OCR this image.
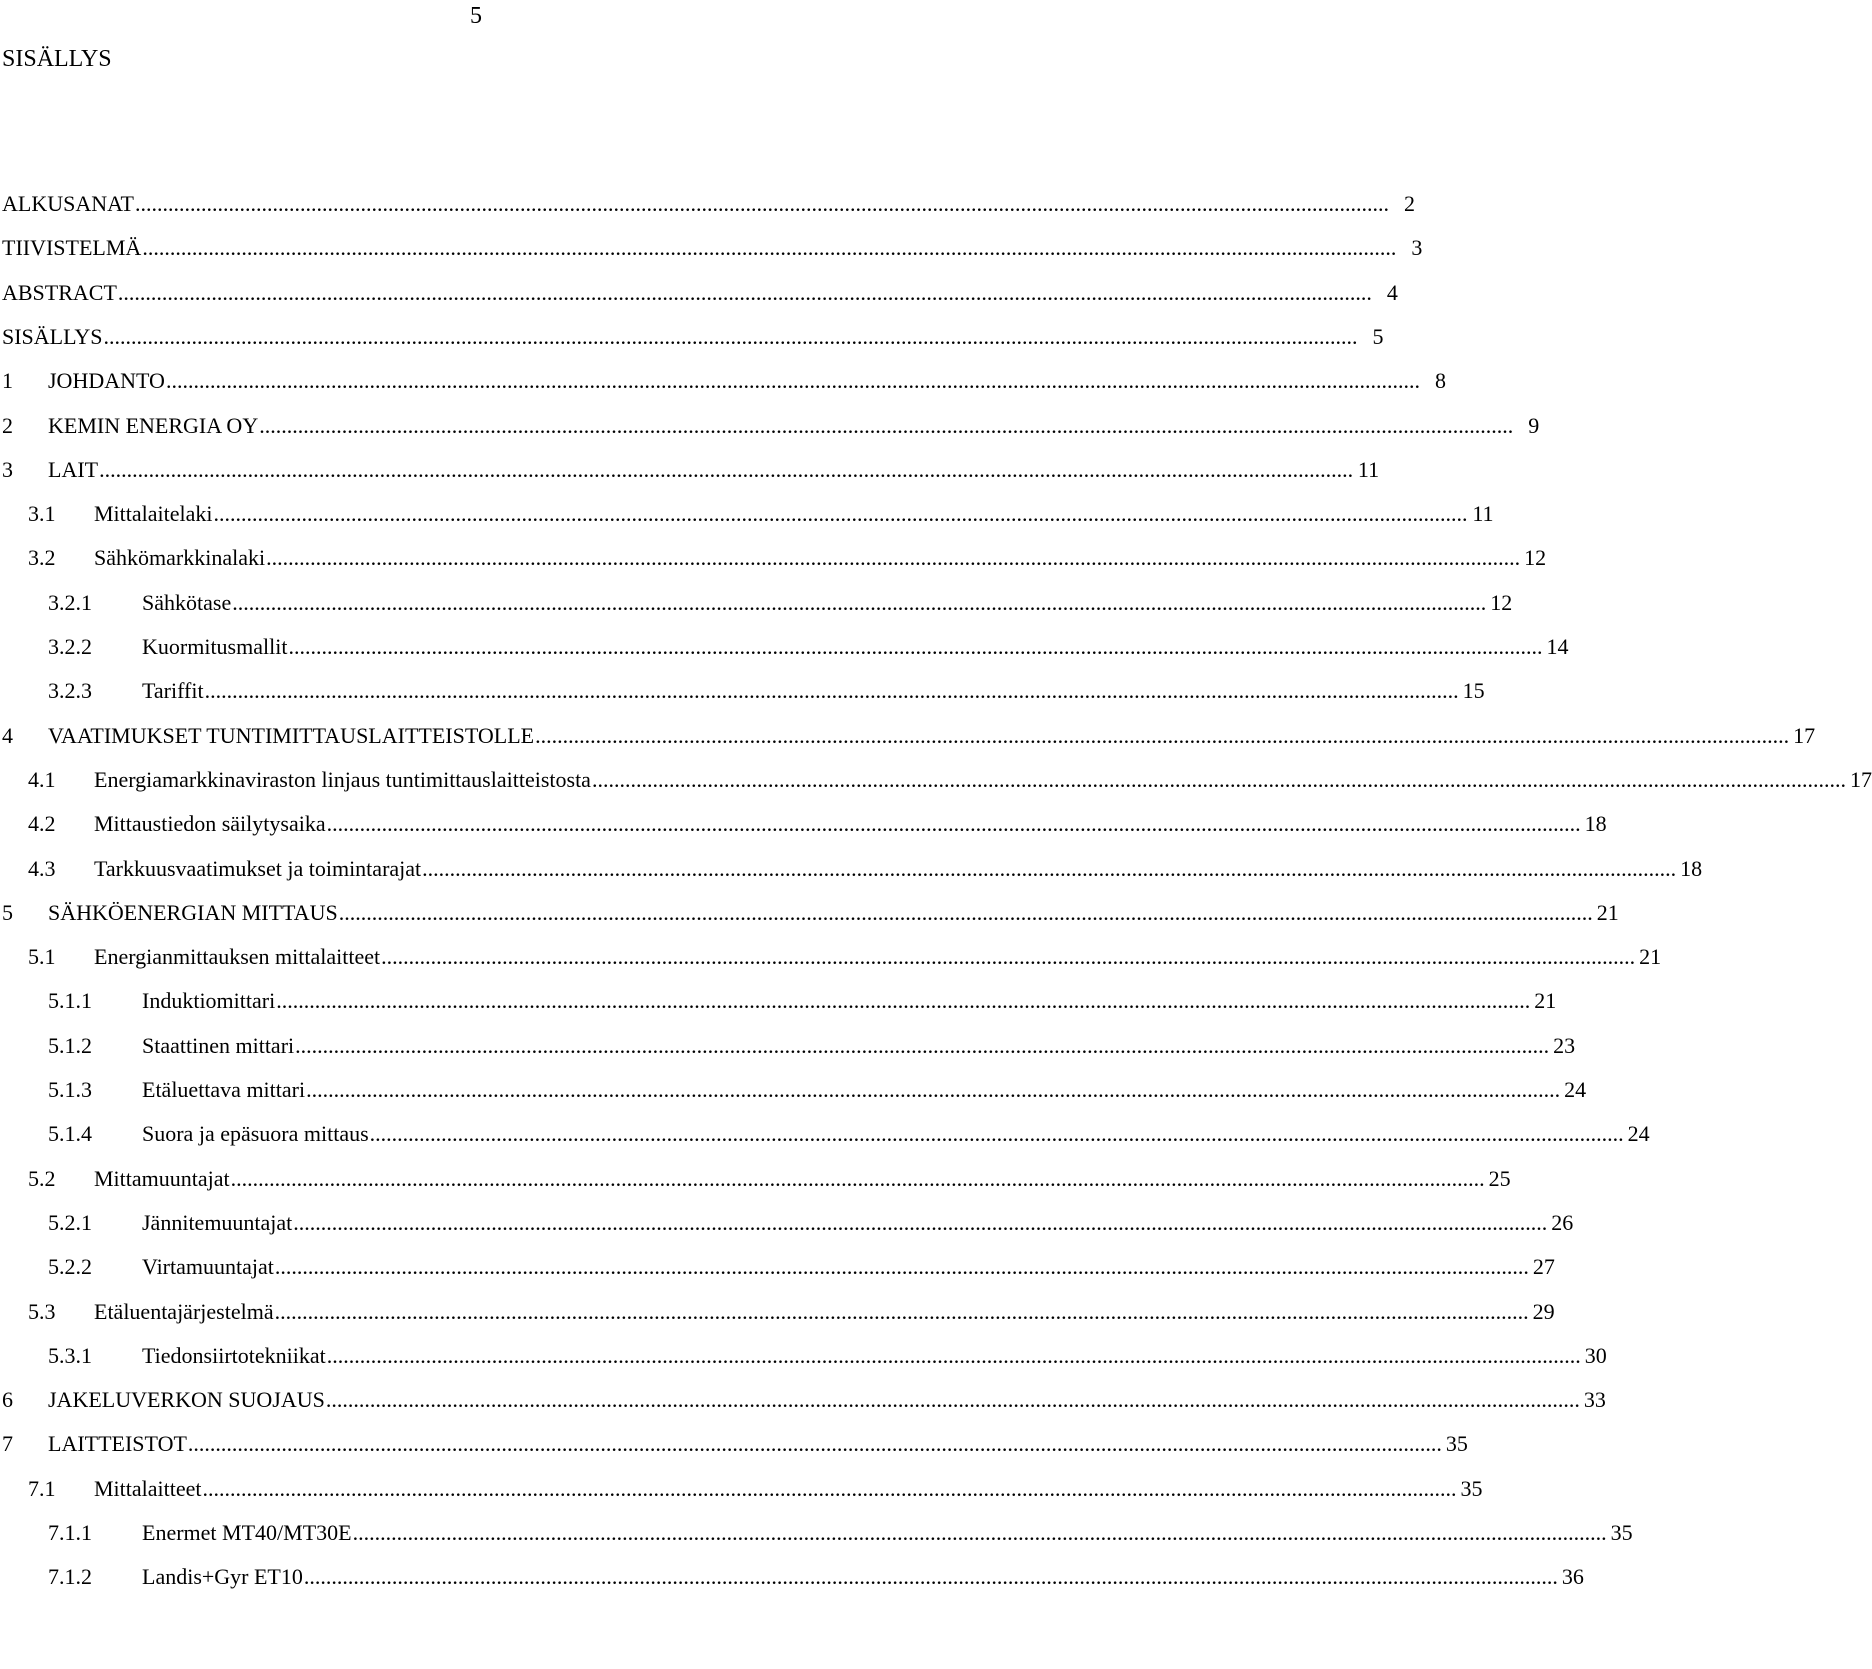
5
SISÄLLYS
ALKUSANAT .....	2
TIIVISTELMÄ .....	3
ABSTRACT .....	4
SISÄLLYS .....	5
1	JOHDANTO .....	8
2	KEMIN ENERGIA OY .....	9
3	LAIT .....	11
3.1	Mittalaitelaki .....	11
3.2	Sähkömarkkinalaki .....	12
3.2.1	Sähkötase .....	12
3.2.2	Kuormitusmallit .....	14
3.2.3	Tariffit .....	15
4	VAATIMUKSET TUNTIMITTAUSLAITTEISTOLLE .....	17
4.1	Energiamarkkinaviraston linjaus tuntimittauslaitteistosta .....	17
4.2	Mittaustiedon säilytysaika .....	18
4.3	Tarkkuusvaatimukset ja toimintarajat .....	18
5	SÄHKÖENERGIAN MITTAUS .....	21
5.1	Energianmittauksen mittalaitteet .....	21
5.1.1	Induktiomittari .....	21
5.1.2	Staattinen mittari .....	23
5.1.3	Etäluettava mittari .....	24
5.1.4	Suora ja epäsuora mittaus .....	24
5.2	Mittamuuntajat .....	25
5.2.1	Jännitemuuntajat .....	26
5.2.2	Virtamuuntajat .....	27
5.3	Etäluentajärjestelmä .....	29
5.3.1	Tiedonsiirtotekniikat .....	30
6	JAKELUVERKON SUOJAUS .....	33
7	LAITTEISTOT .....	35
7.1	Mittalaitteet .....	35
7.1.1	Enermet MT40/MT30E .....	35
7.1.2	Landis+Gyr ET10 .....	36
